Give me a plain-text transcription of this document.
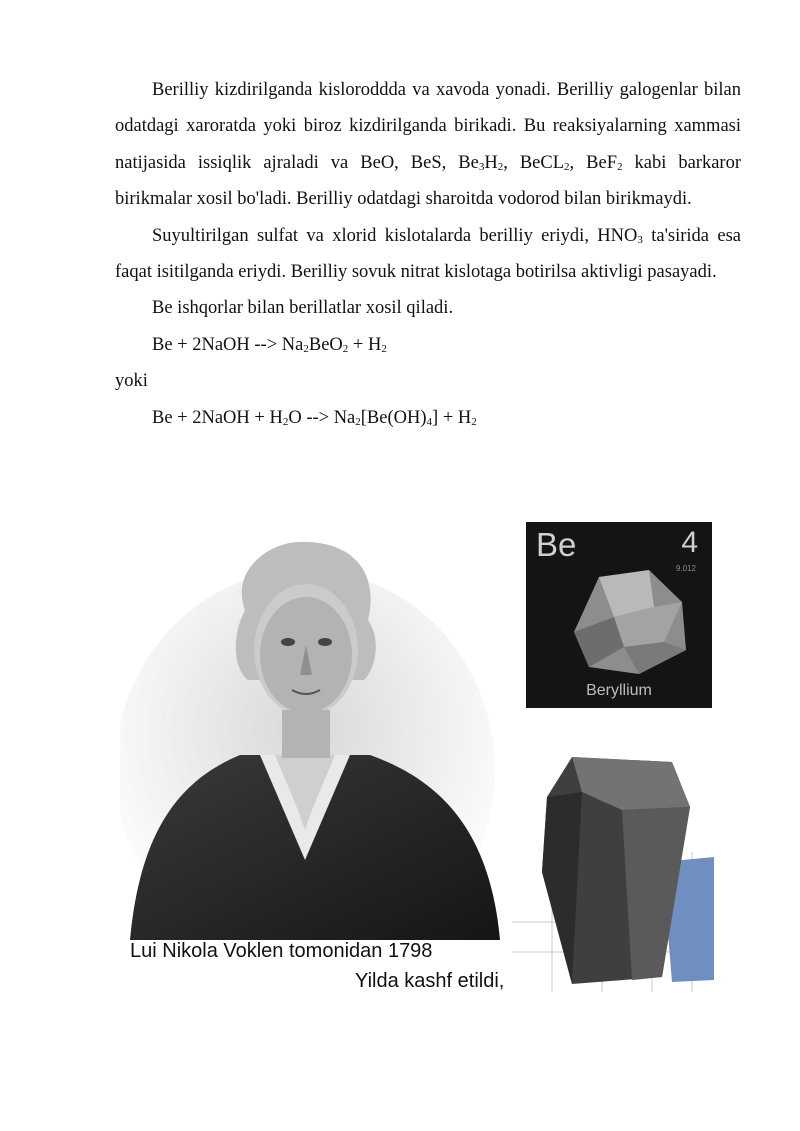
Berilliy kizdirilganda kisloroddda va xavoda yonadi. Berilliy galogenlar bilan odatdagi xaroratda yoki biroz kizdirilganda birikadi. Bu reaksiyalarning xammasi natijasida issiqlik ajraladi va BeO, BeS, $Be_3H_2$, BeCL$_2$, BeF$_2$ kabi barkaror birikmalar xosil bo'ladi. Berilliy odatdagi sharoitda vodorod bilan birikmaydi.

Suyultirilgan sulfat va xlorid kislotalarda berilliy eriydi, $HNO_3$ ta'sirida esa faqat isitilganda eriydi. Berilliy sovuk nitrat kislotaga botirilsa aktivligi pasayadi.

Be ishqorlar bilan berillatlar xosil qiladi.

Be + 2NaOH --> $Na_2BeO_2 + H_2$

yoki

Be + 2NaOH + $H_2O$ --> $Na_2[Be(OH)_4] + H_2$

Be	4
9.012
Beryllium
Lui Nikola Voklen tomonidan 1798
Yilda kashf etildi,
